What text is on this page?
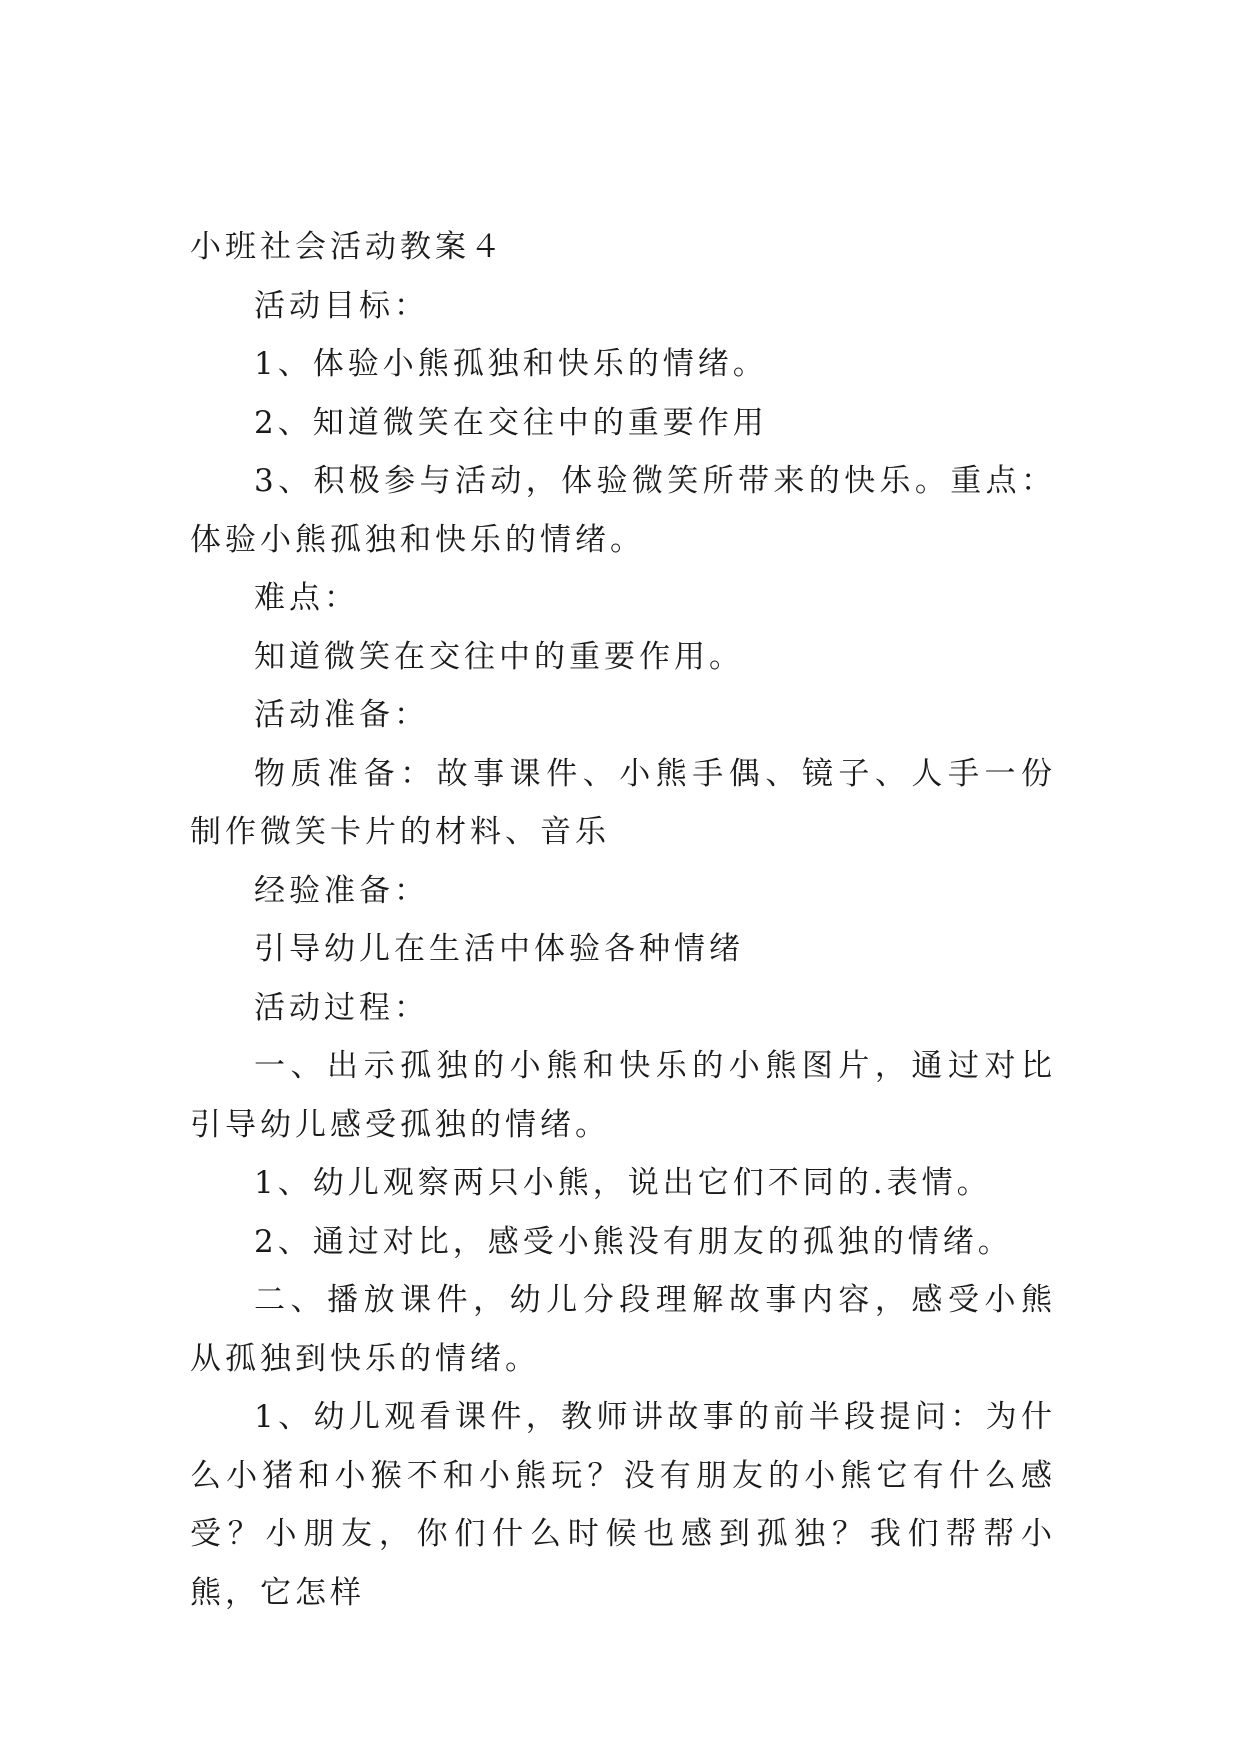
小班社会活动教案４

活动目标：

1、体验小熊孤独和快乐的情绪。

2、知道微笑在交往中的重要作用

3、积极参与活动，体验微笑所带来的快乐。重点：体验小熊孤独和快乐的情绪。

难点：

知道微笑在交往中的重要作用。

活动准备：

物质准备：故事课件、小熊手偶、镜子、人手一份制作微笑卡片的材料、音乐

经验准备：

引导幼儿在生活中体验各种情绪

活动过程：

一、出示孤独的小熊和快乐的小熊图片，通过对比引导幼儿感受孤独的情绪。

1、幼儿观察两只小熊，说出它们不同的.表情。

2、通过对比，感受小熊没有朋友的孤独的情绪。

二、播放课件，幼儿分段理解故事内容，感受小熊从孤独到快乐的情绪。

1、幼儿观看课件，教师讲故事的前半段提问：为什么小猪和小猴不和小熊玩？没有朋友的小熊它有什么感受？小朋友，你们什么时候也感到孤独？我们帮帮小熊，它怎样
